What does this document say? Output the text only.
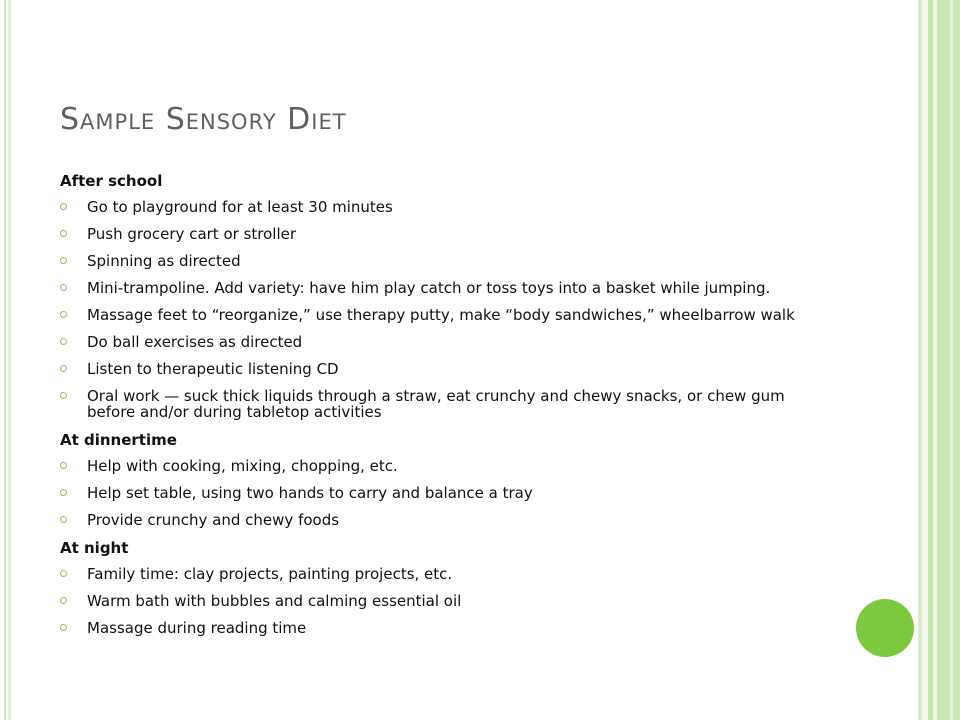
Sample Sensory Diet
After school
Go to playground for at least 30 minutes
Push grocery cart or stroller
Spinning as directed
Mini-trampoline. Add variety: have him play catch or toss toys into a basket while jumping.
Massage feet to “reorganize,” use therapy putty, make “body sandwiches,” wheelbarrow walk
Do ball exercises as directed
Listen to therapeutic listening CD
Oral work — suck thick liquids through a straw, eat crunchy and chewy snacks, or chew gum before and/or during tabletop activities
At dinnertime
Help with cooking, mixing, chopping, etc.
Help set table, using two hands to carry and balance a tray
Provide crunchy and chewy foods
At night
Family time: clay projects, painting projects, etc.
Warm bath with bubbles and calming essential oil
Massage during reading time
